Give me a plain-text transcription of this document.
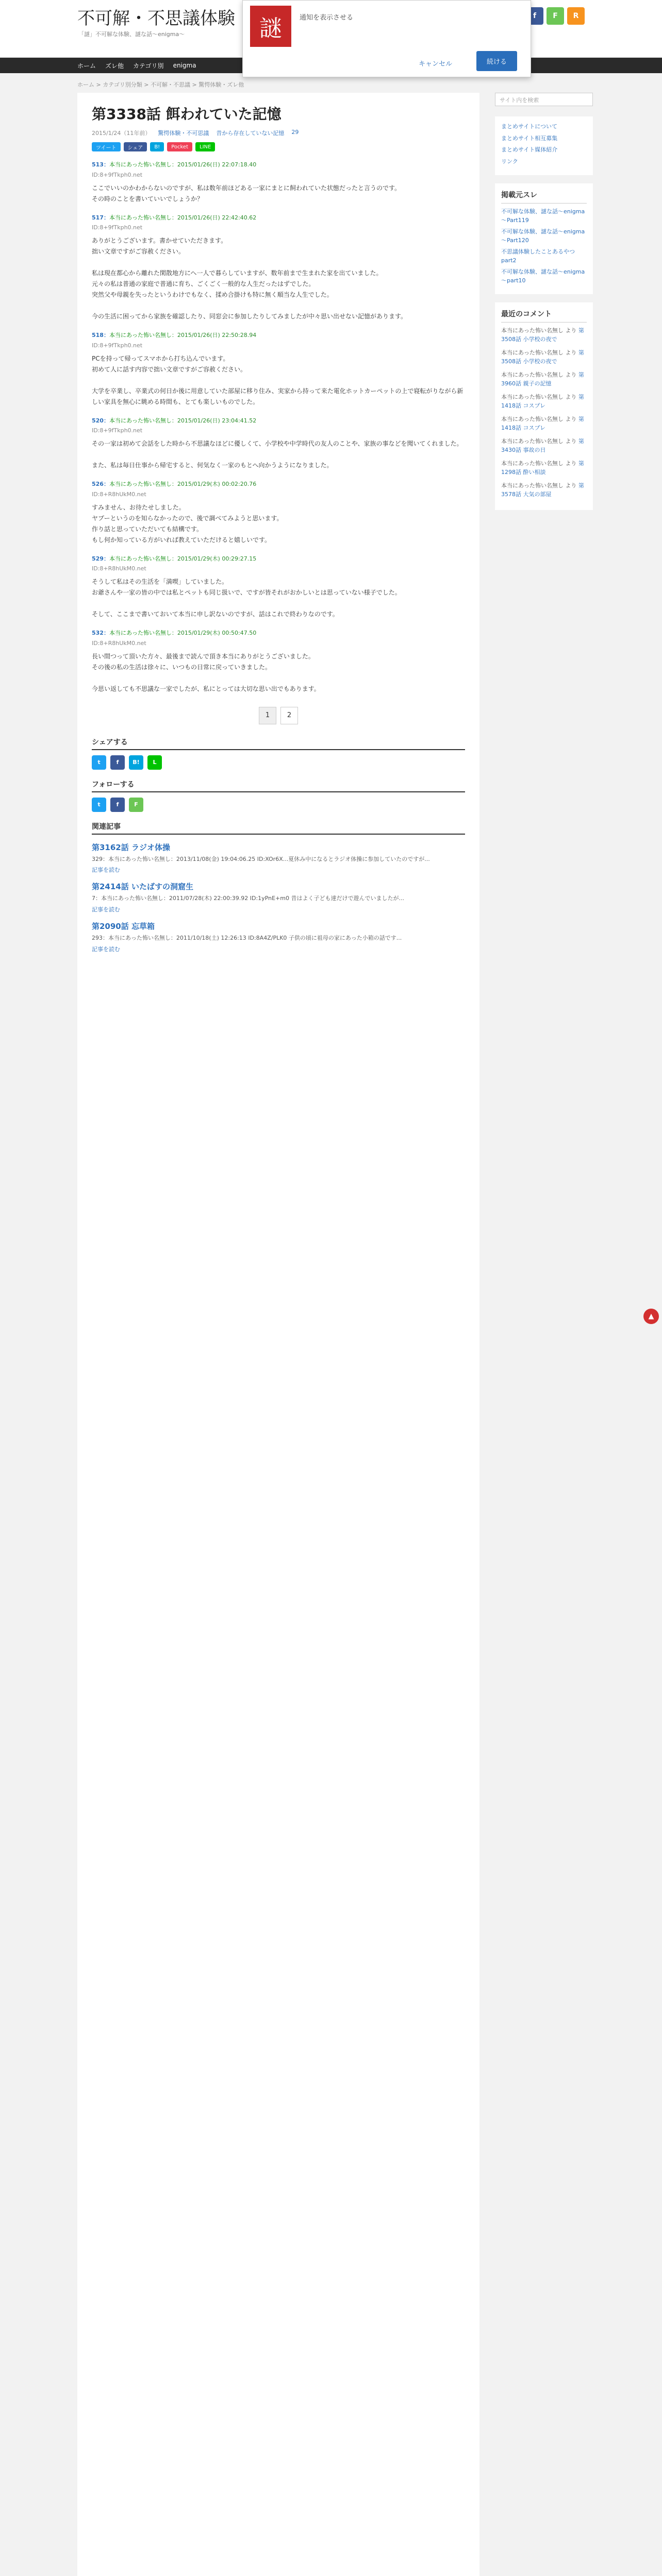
不可解・不思議体験
「謎」不可解な体験、謎な話～enigma～
f	F	R
ホーム ズレ他 カテゴリ別 enigma
謎	通知を表示させる
キャンセル	続ける
ホーム > カテゴリ別分類 > 不可解・不思議 > 驚愕体験・ズレ他
第3338話 餌われていた記憶
2015/1/24（11年前） 驚愕体験・不可思議 昔から存在していない記憶 29
ツイート	シェア	B!	Pocket	LINE
513：本当にあった怖い名無し：2015/01/26(日) 22:07:18.40
ID:8+9fTkph0.net

ここでいいのかわからないのですが、私は数年前ほどある一家にまとに飼われていた状態だったと言うのです。
その時のことを書いていいでしょうか？

517：本当にあった怖い名無し：2015/01/26(日) 22:42:40.62
ID:8+9fTkph0.net

ありがとうございます。書かせていただきます。
拙い文章ですがご容赦ください。

私は現在都心から離れた閑散地方にへ一人で暮らしていますが、数年前まで生まれた家を出ていました。
元々の私は普通の家庭で普通に育ち、ごくごく一般的な人生だったはずでした。
突然父や母親を失ったというわけでもなく、揉め合掛けも特に無く順当な人生でした。

今の生活に困ってから家族を確認したり、同窓会に参加したりしてみましたが中々思い出せない記憶があります。

518：本当にあった怖い名無し：2015/01/26(日) 22:50:28.94
ID:8+9fTkph0.net

PCを持って帰ってスマホから打ち込んでいます。
初めて人に話す内容で拙い文章ですがご容赦ください。

大学を卒業し、卒業式の何日か後に用意していた部屋に移り住み、実家から持って来た電化ホットカーペットの上で寝転がりながら新しい家具を無心に眺める時間も、とても楽しいものでした。

520：本当にあった怖い名無し：2015/01/26(日) 23:04:41.52
ID:8+9fTkph0.net

その一家は初めて会話をした時から不思議なほどに優しくて、小学校や中学時代の友人のことや、家族の事などを聞いてくれました。

また、私は毎日仕事から帰宅すると、何気なく一家のもとへ向かうようになりました。

526：本当にあった怖い名無し：2015/01/29(木) 00:02:20.76
ID:8+R8hUkM0.net

すみません、お待たせしました。
ヤプーというのを知らなかったので、後で調べてみようと思います。
作り話と思っていただいても結構です。
もし何か知っている方がいれば教えていただけると嬉しいです。

529：本当にあった怖い名無し：2015/01/29(木) 00:29:27.15
ID:8+R8hUkM0.net

そうして私はその生活を「満喫」していました。
お爺さんや一家の皆の中では私とペットも同じ扱いで、ですが皆それがおかしいとは思っていない様子でした。

そして、ここまで書いておいて本当に申し訳ないのですが、話はこれで終わりなのです。

532：本当にあった怖い名無し：2015/01/29(木) 00:50:47.50
ID:8+R8hUkM0.net

長い間つって頂いた方々、最後まで読んで頂き本当にありがとうございました。
その後の私の生活は徐々に、いつもの日常に戻っていきました。

今思い返しても不思議な一家でしたが、私にとっては大切な思い出でもあります。

1	2
シェアする
t	f	B!	L
フォローする
t	f	F
関連記事
第3162話 ラジオ体操

329：本当にあった怖い名無し：2013/11/08(金) 19:04:06.25 ID:XOr6X...夏休み中になるとラジオ体操に参加していたのですが...

記事を読む
第2414話 いたばすの洞窟生

7：本当にあった怖い名無し：2011/07/28(木) 22:00:39.92 ID:1yPnE+m0 昔はよく子ども達だけで遊んでいましたが...

記事を読む
第2090話 忘草箱

293：本当にあった怖い名無し：2011/10/18(土) 12:26:13 ID:8A4Z/PLK0 子供の頃に祖母の家にあった小箱の話です...

記事を読む
サイト内を検索
まとめサイトについて
まとめサイト相互募集
まとめサイト媒体紹介
リンク
掲載元スレ
不可解な体験、謎な話～enigma～Part119
不可解な体験、謎な話～enigma～Part120
不思議体験したことあるやつ part2
不可解な体験、謎な話～enigma～part10
最近のコメント
本当にあった怖い名無し より 第3508話 小学校の夜で
本当にあった怖い名無し より 第3508話 小学校の夜で
本当にあった怖い名無し より 第3960話 親子の記憶
本当にあった怖い名無し より 第1418話 コスプレ
本当にあった怖い名無し より 第1418話 コスプレ
本当にあった怖い名無し より 第3430話 事故の日
本当にあった怖い名無し より 第1298話 酔い相談
本当にあった怖い名無し より 第3578話 大気の部屋
▲
